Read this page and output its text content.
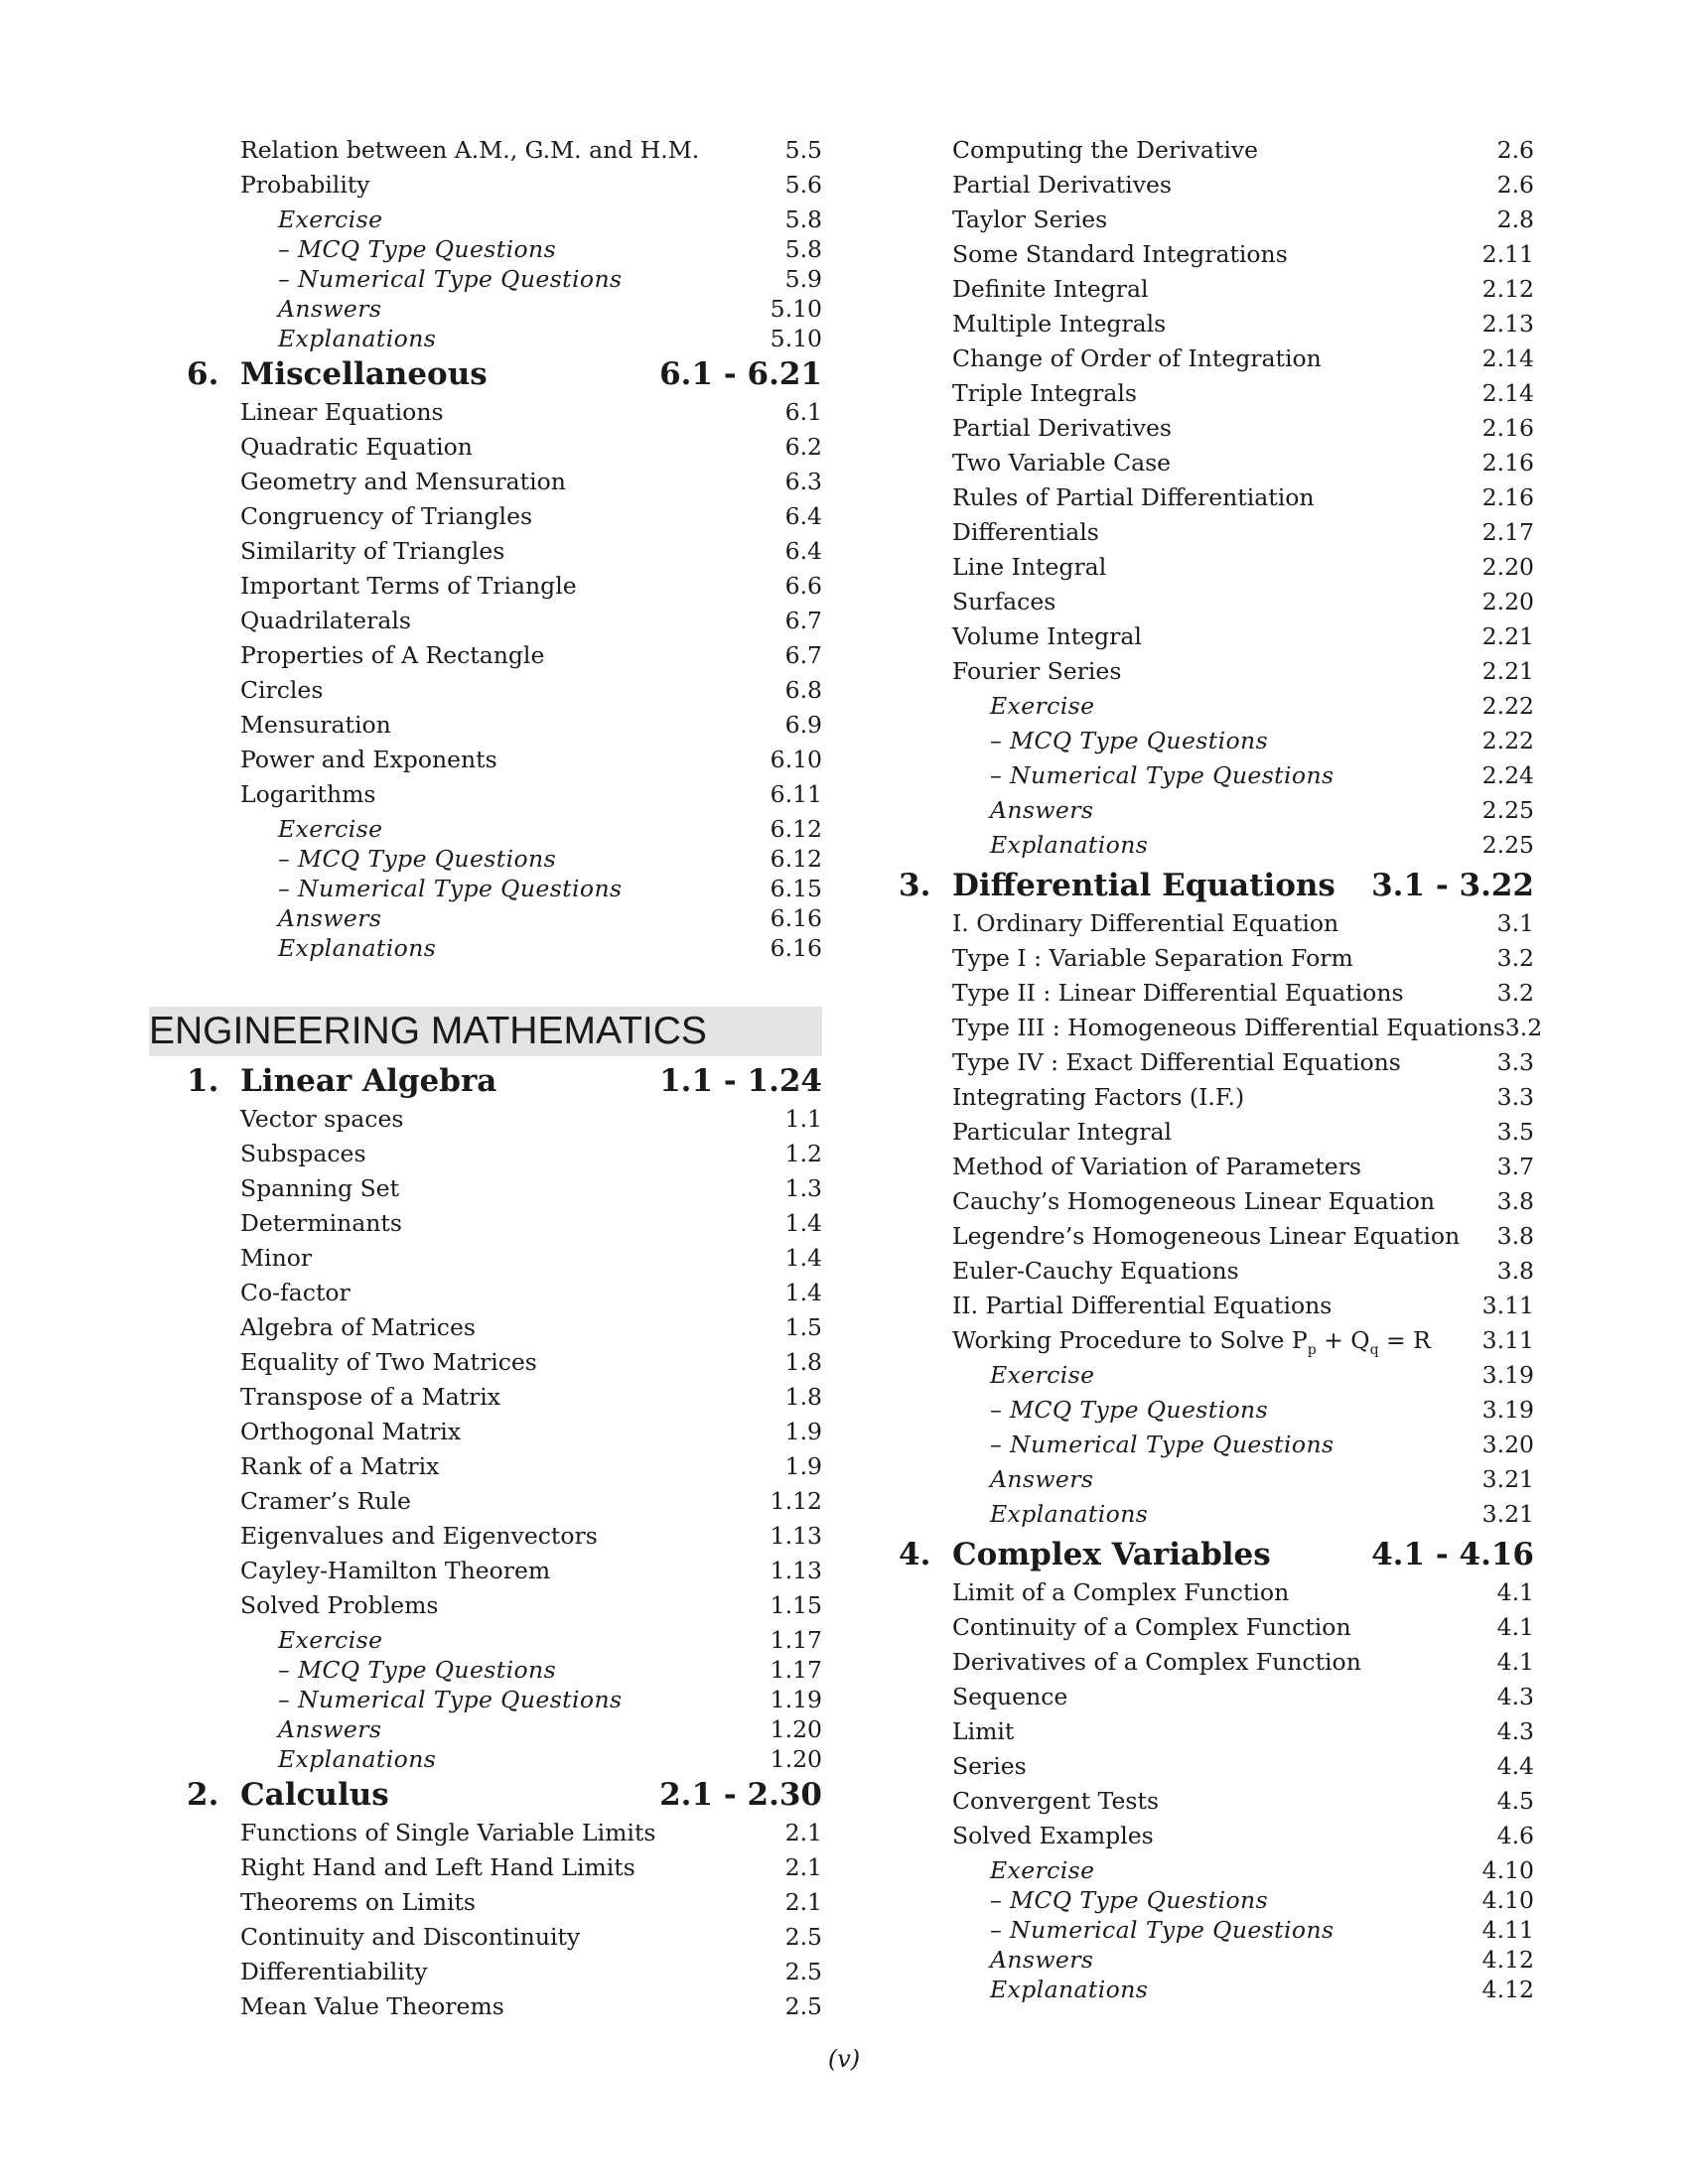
Relation between A.M., G.M. and H.M.	5.5
Probability	5.6
Exercise	5.8
– MCQ Type Questions	5.8
– Numerical Type Questions	5.9
Answers	5.10
Explanations	5.10
6. Miscellaneous	6.1 - 6.21
Linear Equations	6.1
Quadratic Equation	6.2
Geometry and Mensuration	6.3
Congruency of Triangles	6.4
Similarity of Triangles	6.4
Important Terms of Triangle	6.6
Quadrilaterals	6.7
Properties of A Rectangle	6.7
Circles	6.8
Mensuration	6.9
Power and Exponents	6.10
Logarithms	6.11
Exercise	6.12
– MCQ Type Questions	6.12
– Numerical Type Questions	6.15
Answers	6.16
Explanations	6.16
ENGINEERING MATHEMATICS
1. Linear Algebra	1.1 - 1.24
Vector spaces	1.1
Subspaces	1.2
Spanning Set	1.3
Determinants	1.4
Minor	1.4
Co-factor	1.4
Algebra of Matrices	1.5
Equality of Two Matrices	1.8
Transpose of a Matrix	1.8
Orthogonal Matrix	1.9
Rank of a Matrix	1.9
Cramer’s Rule	1.12
Eigenvalues and Eigenvectors	1.13
Cayley-Hamilton Theorem	1.13
Solved Problems	1.15
Exercise	1.17
– MCQ Type Questions	1.17
– Numerical Type Questions	1.19
Answers	1.20
Explanations	1.20
2. Calculus	2.1 - 2.30
Functions of Single Variable Limits	2.1
Right Hand and Left Hand Limits	2.1
Theorems on Limits	2.1
Continuity and Discontinuity	2.5
Differentiability	2.5
Mean Value Theorems	2.5
Computing the Derivative	2.6
Partial Derivatives	2.6
Taylor Series	2.8
Some Standard Integrations	2.11
Definite Integral	2.12
Multiple Integrals	2.13
Change of Order of Integration	2.14
Triple Integrals	2.14
Partial Derivatives	2.16
Two Variable Case	2.16
Rules of Partial Differentiation	2.16
Differentials	2.17
Line Integral	2.20
Surfaces	2.20
Volume Integral	2.21
Fourier Series	2.21
Exercise	2.22
– MCQ Type Questions	2.22
– Numerical Type Questions	2.24
Answers	2.25
Explanations	2.25
3. Differential Equations	3.1 - 3.22
I. Ordinary Differential Equation	3.1
Type I : Variable Separation Form	3.2
Type II : Linear Differential Equations	3.2
Type III : Homogeneous Differential Equations 3.2
Type IV : Exact Differential Equations	3.3
Integrating Factors (I.F.)	3.3
Particular Integral	3.5
Method of Variation of Parameters	3.7
Cauchy’s Homogeneous Linear Equation	3.8
Legendre’s Homogeneous Linear Equation 3.8
Euler-Cauchy Equations	3.8
II. Partial Differential Equations	3.11
Working Procedure to Solve $P_p + Q_q = R$ 3.11
Exercise	3.19
– MCQ Type Questions	3.19
– Numerical Type Questions	3.20
Answers	3.21
Explanations	3.21
4. Complex Variables	4.1 - 4.16
Limit of a Complex Function	4.1
Continuity of a Complex Function	4.1
Derivatives of a Complex Function	4.1
Sequence	4.3
Limit	4.3
Series	4.4
Convergent Tests	4.5
Solved Examples	4.6
Exercise	4.10
– MCQ Type Questions	4.10
– Numerical Type Questions	4.11
Answers	4.12
Explanations	4.12
(v)
